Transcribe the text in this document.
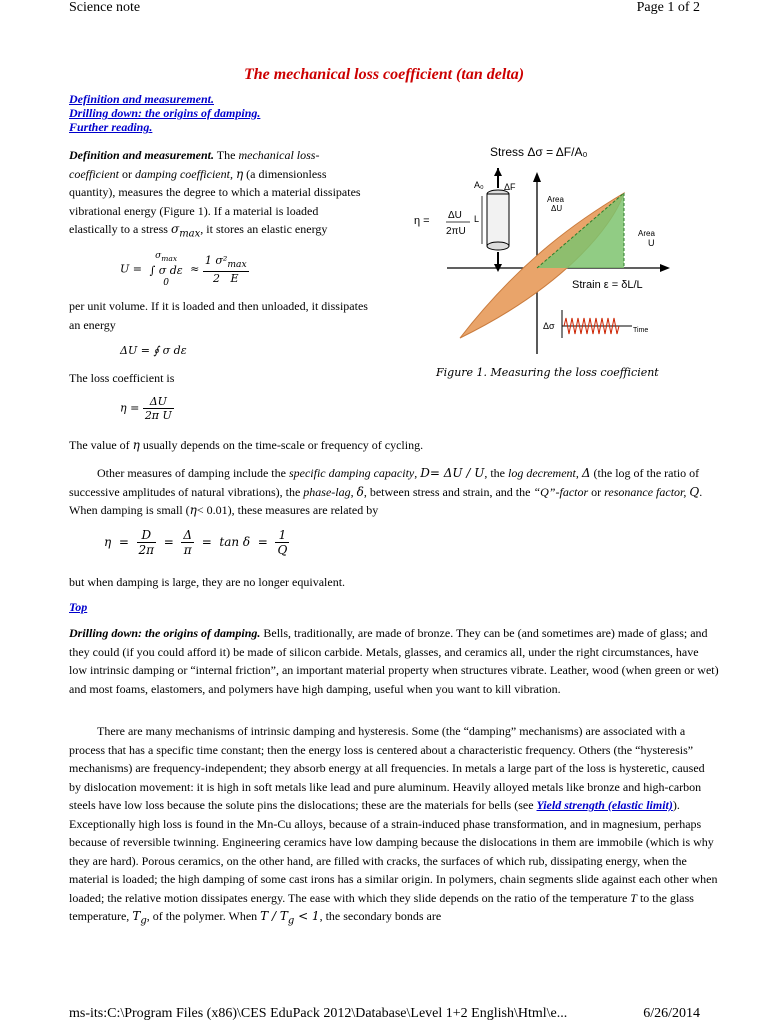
Science note	Page 1 of 2
The mechanical loss coefficient (tan delta)
Definition and measurement.
Drilling down: the origins of damping.
Further reading.

Definition and measurement. The mechanical loss-coefficient or damping coefficient, η (a dimensionless quantity), measures the degree to which a material dissipates vibrational energy (Figure 1). If a material is loaded elastically to a stress $\sigma_{max}$, it stores an elastic energy

U =
$\sigma_{max}$
∫ σ dε
0
≈ $\frac{1 \sigma^2_{max}}{2 E}$

per unit volume. If it is loaded and then unloaded, it dissipates an energy

ΔU = ∮ σ dε

The loss coefficient is

$\eta = \frac{\Delta U}{\text{2π U}}$

The value of η usually depends on the time-scale or frequency of cycling.

Other measures of damping include the specific damping capacity, D= ΔU / U, the log decrement, Δ (the log of the ratio of successive amplitudes of natural vibrations), the phase-lag, δ, between stress and strain, and the “Q”-factor or resonance factor, Q. When damping is small (η< 0.01), these measures are related by

$\eta = \frac{D}{2\pi} = \frac{\Delta}{\pi} = \tan \delta = \frac{1}{Q}$

but when damping is large, they are no longer equivalent.

Top

Drilling down: the origins of damping. Bells, traditionally, are made of bronze. They can be (and sometimes are) made of glass; and they could (if you could afford it) be made of silicon carbide. Metals, glasses, and ceramics all, under the right circumstances, have low intrinsic damping or “internal friction”, an important material property when structures vibrate. Leather, wood (when green or wet) and most foams, elastomers, and polymers have high damping, useful when you want to kill vibration.

There are many mechanisms of intrinsic damping and hysteresis. Some (the “damping” mechanisms) are associated with a process that has a specific time constant; then the energy loss is centered about a characteristic frequency. Others (the “hysteresis” mechanisms) are frequency-independent; they absorb energy at all frequencies. In metals a large part of the loss is hysteretic, caused by dislocation movement: it is high in soft metals like lead and pure aluminum. Heavily alloyed metals like bronze and high-carbon steels have low loss because the solute pins the dislocations; these are the materials for bells (see Yield strength (elastic limit)). Exceptionally high loss is found in the Mn-Cu alloys, because of a strain-induced phase transformation, and in magnesium, perhaps because of reversible twinning. Engineering ceramics have low damping because the dislocations in them are immobile (which is why they are hard). Porous ceramics, on the other hand, are filled with cracks, the surfaces of which rub, dissipating energy, when the material is loaded; the high damping of some cast irons has a similar origin. In polymers, chain segments slide against each other when loaded; the relative motion dissipates energy. The ease with which they slide depends on the ratio of the temperature T to the glass temperature, $T_g$, of the polymer. When $T / T_g < 1$, the secondary bonds are

Stress Δσ = ΔF/A₀
Strain ε = δL/L
Area
ΔU
Area
U
η = ΔU
2πU
A₀ ΔF
L
Δσ	Time
Figure 1. Measuring the loss coefficient
ms-its:C:\Program Files (x86)\CES EduPack 2012\Database\Level 1+2 English\Html\e...	6/26/2014
